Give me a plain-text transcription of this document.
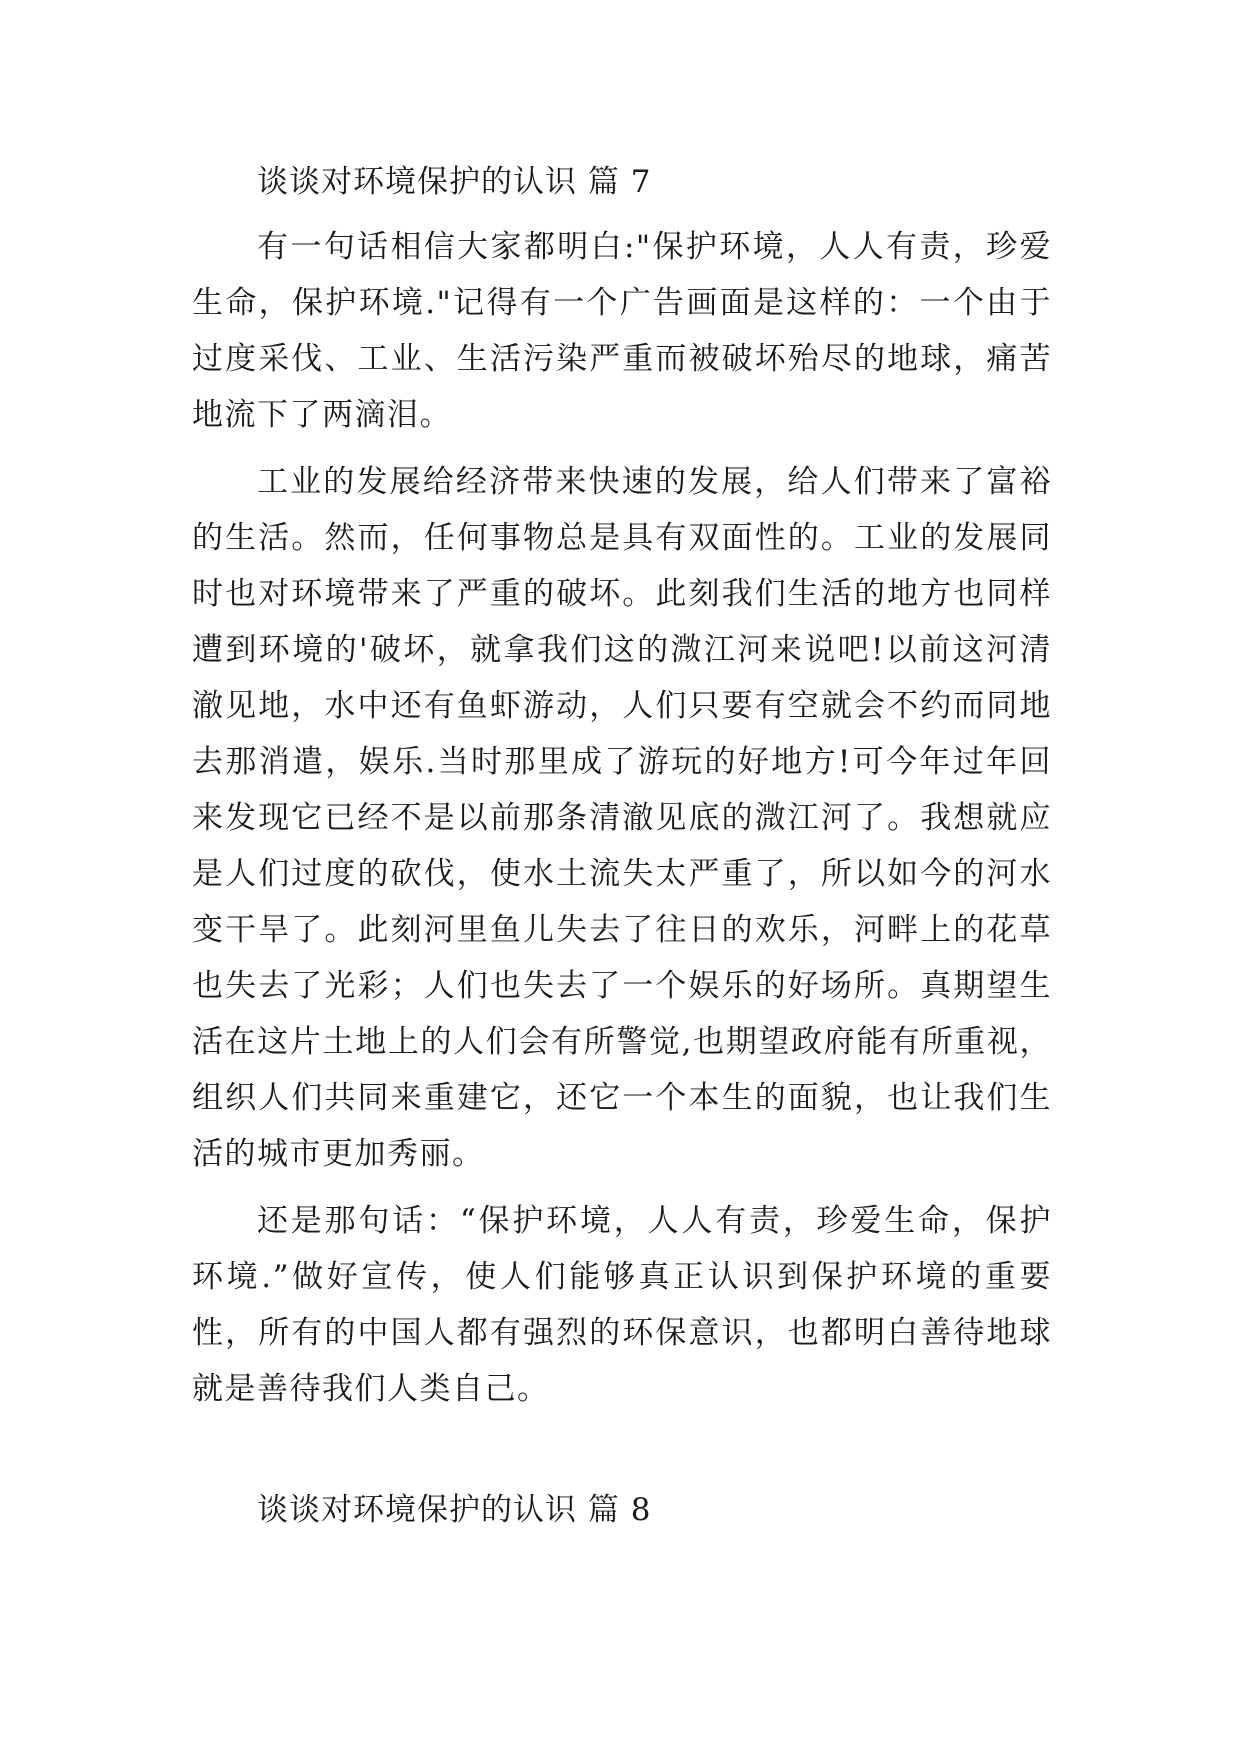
谈谈对环境保护的认识 篇 7
有一句话相信大家都明白:"保护环境，人人有责，珍爱
生命，保护环境."记得有一个广告画面是这样的：一个由于
过度采伐、工业、生活污染严重而被破坏殆尽的地球，痛苦
地流下了两滴泪。
工业的发展给经济带来快速的发展，给人们带来了富裕
的生活。然而，任何事物总是具有双面性的。工业的发展同
时也对环境带来了严重的破坏。此刻我们生活的地方也同样
遭到环境的'破坏，就拿我们这的溦江河来说吧!以前这河清
澈见地，水中还有鱼虾游动，人们只要有空就会不约而同地
去那消遣，娱乐.当时那里成了游玩的好地方!可今年过年回
来发现它已经不是以前那条清澈见底的溦江河了。我想就应
是人们过度的砍伐，使水土流失太严重了，所以如今的河水
变干旱了。此刻河里鱼儿失去了往日的欢乐，河畔上的花草
也失去了光彩；人们也失去了一个娱乐的好场所。真期望生
活在这片土地上的人们会有所警觉,也期望政府能有所重视，
组织人们共同来重建它，还它一个本生的面貌，也让我们生
活的城市更加秀丽。
还是那句话：“保护环境，人人有责，珍爱生命，保护
环境.”做好宣传，使人们能够真正认识到保护环境的重要
性，所有的中国人都有强烈的环保意识，也都明白善待地球
就是善待我们人类自己。
谈谈对环境保护的认识 篇 8
